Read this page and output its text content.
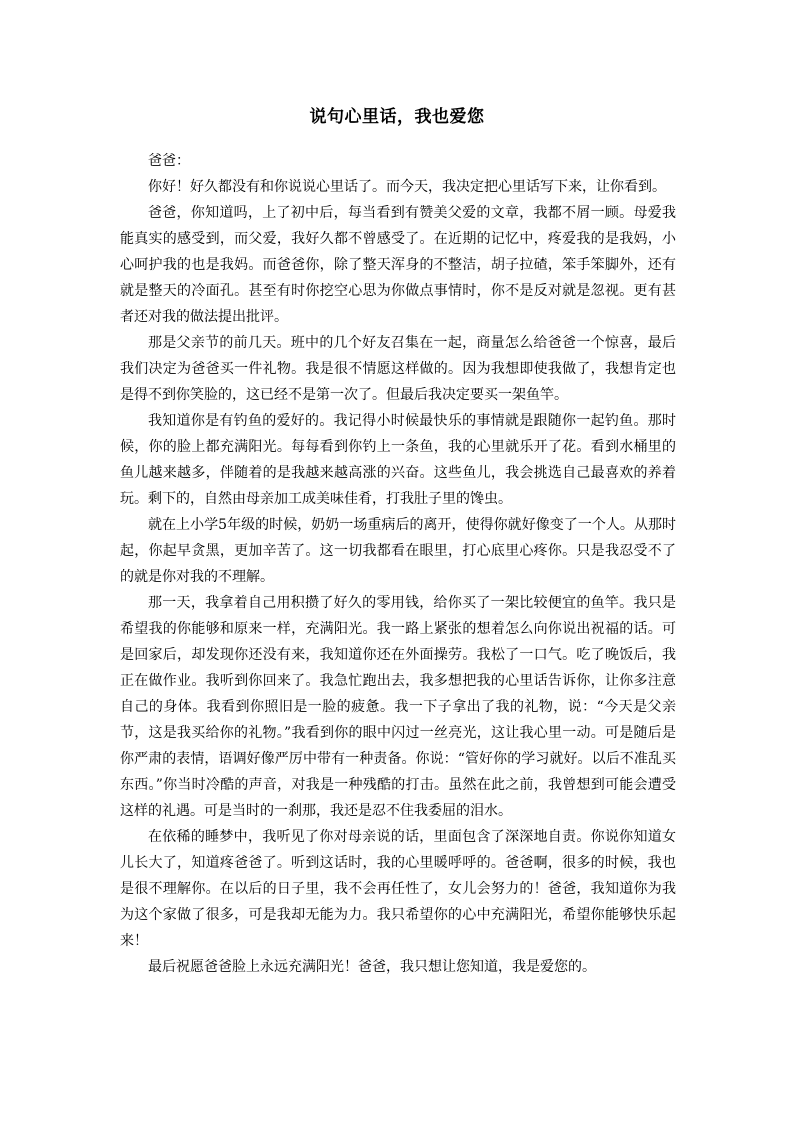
说句心里话，我也爱您

爸爸：

你好！好久都没有和你说说心里话了。而今天，我决定把心里话写下来，让你看到。

爸爸，你知道吗，上了初中后，每当看到有赞美父爱的文章，我都不屑一顾。母爱我能真实的感受到，而父爱，我好久都不曾感受了。在近期的记忆中，疼爱我的是我妈，小心呵护我的也是我妈。而爸爸你，除了整天浑身的不整洁，胡子拉碴，笨手笨脚外，还有就是整天的冷面孔。甚至有时你挖空心思为你做点事情时，你不是反对就是忽视。更有甚者还对我的做法提出批评。

那是父亲节的前几天。班中的几个好友召集在一起，商量怎么给爸爸一个惊喜，最后我们决定为爸爸买一件礼物。我是很不情愿这样做的。因为我想即使我做了，我想肯定也是得不到你笑脸的，这已经不是第一次了。但最后我决定要买一架鱼竿。

我知道你是有钓鱼的爱好的。我记得小时候最快乐的事情就是跟随你一起钓鱼。那时候，你的脸上都充满阳光。每每看到你钓上一条鱼，我的心里就乐开了花。看到水桶里的鱼儿越来越多，伴随着的是我越来越高涨的兴奋。这些鱼儿，我会挑选自己最喜欢的养着玩。剩下的，自然由母亲加工成美味佳肴，打我肚子里的馋虫。

就在上小学5年级的时候，奶奶一场重病后的离开，使得你就好像变了一个人。从那时起，你起早贪黑，更加辛苦了。这一切我都看在眼里，打心底里心疼你。只是我忍受不了的就是你对我的不理解。

那一天，我拿着自己用积攒了好久的零用钱，给你买了一架比较便宜的鱼竿。我只是希望我的你能够和原来一样，充满阳光。我一路上紧张的想着怎么向你说出祝福的话。可是回家后，却发现你还没有来，我知道你还在外面操劳。我松了一口气。吃了晚饭后，我正在做作业。我听到你回来了。我急忙跑出去，我多想把我的心里话告诉你，让你多注意自己的身体。我看到你照旧是一脸的疲惫。我一下子拿出了我的礼物，说：“今天是父亲节，这是我买给你的礼物。”我看到你的眼中闪过一丝亮光，这让我心里一动。可是随后是你严肃的表情，语调好像严厉中带有一种责备。你说：“管好你的学习就好。以后不准乱买东西。”你当时冷酷的声音，对我是一种残酷的打击。虽然在此之前，我曾想到可能会遭受这样的礼遇。可是当时的一刹那，我还是忍不住我委屈的泪水。

在依稀的睡梦中，我听见了你对母亲说的话，里面包含了深深地自责。你说你知道女儿长大了，知道疼爸爸了。听到这话时，我的心里暖呼呼的。爸爸啊，很多的时候，我也是很不理解你。在以后的日子里，我不会再任性了，女儿会努力的！爸爸，我知道你为我为这个家做了很多，可是我却无能为力。我只希望你的心中充满阳光，希望你能够快乐起来！

最后祝愿爸爸脸上永远充满阳光！爸爸，我只想让您知道，我是爱您的。
